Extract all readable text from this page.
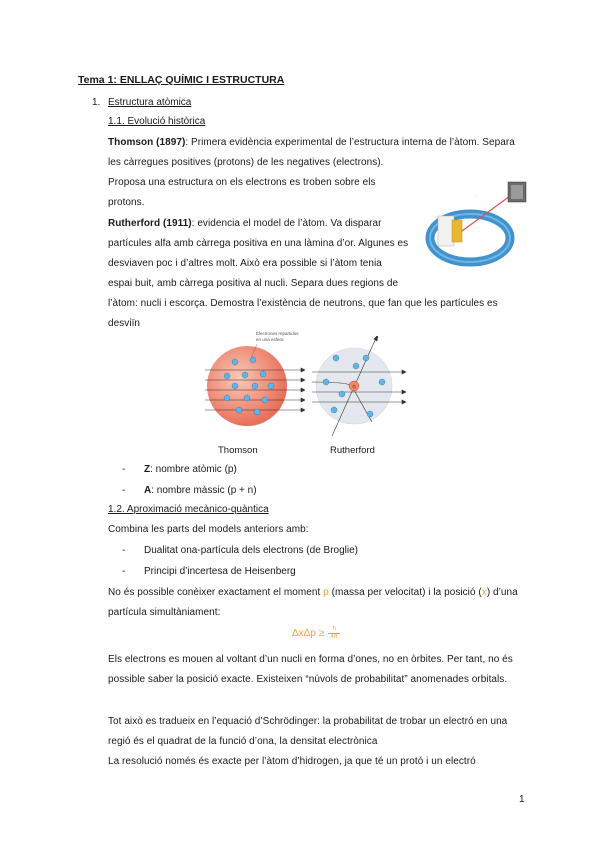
Tema 1: ENLLAÇ QUÍMIC I ESTRUCTURA
1. Estructura atòmica
1.1. Evolució històrica
Thomson (1897): Primera evidència experimental de l’estructura interna de l’àtom. Separa
les càrregues positives (protons) de les negatives (electrons).
Proposa una estructura on els electrons es troben sobre els
protons.
Rutherford (1911): evidencia el model de l’àtom. Va disparar
partícules alfa amb càrrega positiva en una làmina d’or. Algunes es
desviaven poc i d’altres molt. Això era possible si l’àtom tenia
espai buit, amb càrrega positiva al nucli. Separa dues regions de
l’àtom: nucli i escorça. Demostra l’existència de neutrons, que fan que les partícules es
desviïn
·
Electrones repartidos en una esfera
n
Thomson	Rutherford
- Z: nombre atòmic (p)
- A: nombre màssic (p + n)
1.2. Aproximació mecànico-quàntica
Combina les parts del models anteriors amb:
- Dualitat ona-partícula dels electrons (de Broglie)
- Principi d’incertesa de Heisenberg
No és possible conèixer exactament el moment p (massa per velocitat) i la posició (x) d’una
partícula simultàniament:
$\Delta x\Delta p \ge \frac{h}{4\pi}$
Els electrons es mouen al voltant d’un nucli en forma d’ones, no en òrbites. Per tant, no és
possible saber la posició exacte. Existeixen “núvols de probabilitat” anomenades orbitals.
Tot això es tradueix en l’equació d’Schrödinger: la probabilitat de trobar un electró en una
regió és el quadrat de la funció d’ona, la densitat electrònica
La resolució només és exacte per l’àtom d’hidrogen, ja que té un protó i un electró
1
